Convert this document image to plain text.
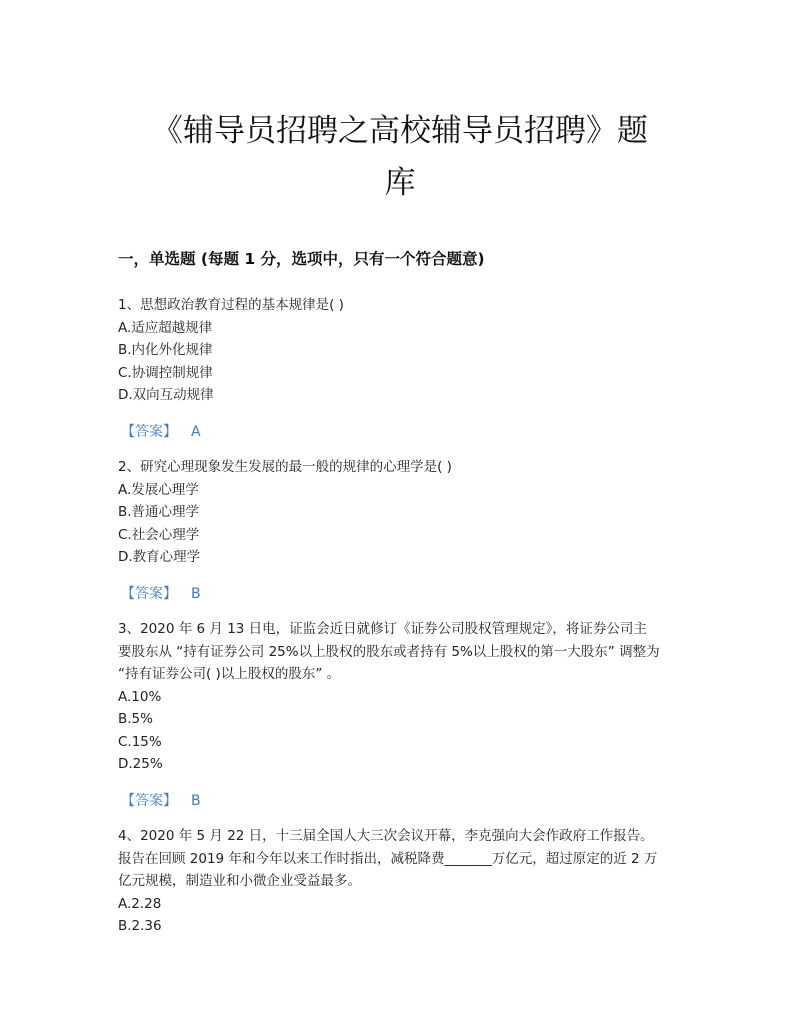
《辅导员招聘之高校辅导员招聘》题
库
一，单选题 (每题 1 分，选项中，只有一个符合题意)
1、思想政治教育过程的基本规律是( )
A.适应超越规律
B.内化外化规律
C.协调控制规律
D.双向互动规律
【答案】 A
2、研究心理现象发生发展的最一般的规律的心理学是( )
A.发展心理学
B.普通心理学
C.社会心理学
D.教育心理学
【答案】 B
3、2020 年 6 月 13 日电，证监会近日就修订《证券公司股权管理规定》，将证券公司主
要股东从 “持有证券公司 25%以上股权的股东或者持有 5%以上股权的第一大股东” 调整为
“持有证券公司( )以上股权的股东” 。
A.10%
B.5%
C.15%
D.25%
【答案】 B
4、2020 年 5 月 22 日，十三届全国人大三次会议开幕，李克强向大会作政府工作报告。
报告在回顾 2019 年和今年以来工作时指出，减税降费_______万亿元，超过原定的近 2 万
亿元规模，制造业和小微企业受益最多。
A.2.28
B.2.36
